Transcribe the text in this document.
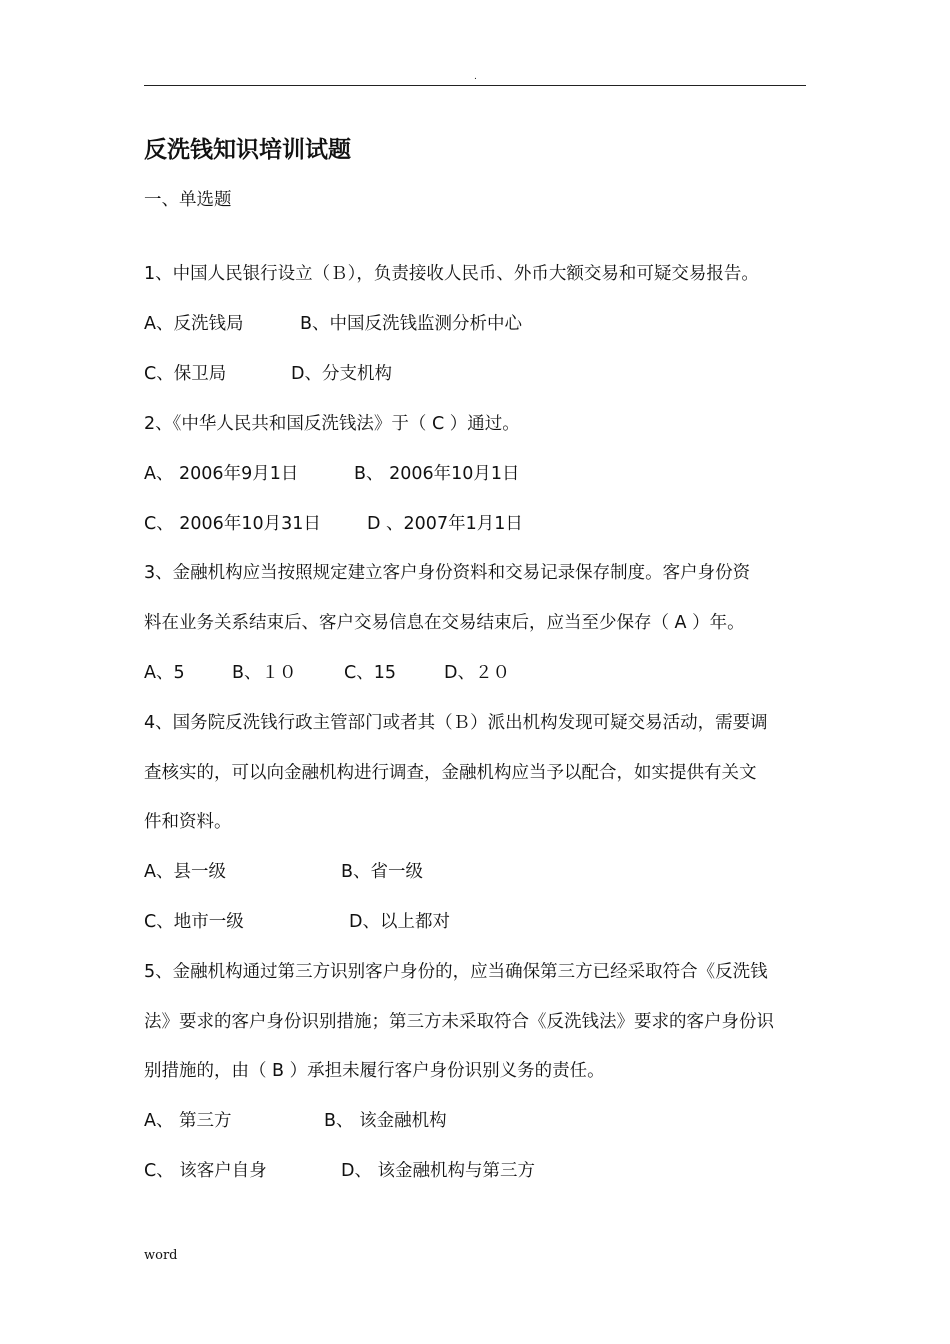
.
反洗钱知识培训试题
一、单选题
1、中国人民银行设立（Ｂ），负责接收人民币、外币大额交易和可疑交易报告。
A、反洗钱局	B、中国反洗钱监测分析中心
C、保卫局	D、分支机构
2、《中华人民共和国反洗钱法》于（ C ）通过。
A、 2006年9月1日	B、 2006年10月1日
C、 2006年10月31日	D 、2007年1月1日
3、金融机构应当按照规定建立客户身份资料和交易记录保存制度。客户身份资
料在业务关系结束后、客户交易信息在交易结束后，应当至少保存（ A ）年。
A、5	B、１０	C、15	D、２０
4、国务院反洗钱行政主管部门或者其（Ｂ）派出机构发现可疑交易活动，需要调
查核实的，可以向金融机构进行调查，金融机构应当予以配合，如实提供有关文
件和资料。
A、县一级	B、省一级
C、地市一级	D、以上都对
5、金融机构通过第三方识别客户身份的，应当确保第三方已经采取符合《反洗钱
法》要求的客户身份识别措施；第三方未采取符合《反洗钱法》要求的客户身份识
别措施的，由（ B ）承担未履行客户身份识别义务的责任。
A、 第三方	B、 该金融机构
C、 该客户自身	D、 该金融机构与第三方
word
